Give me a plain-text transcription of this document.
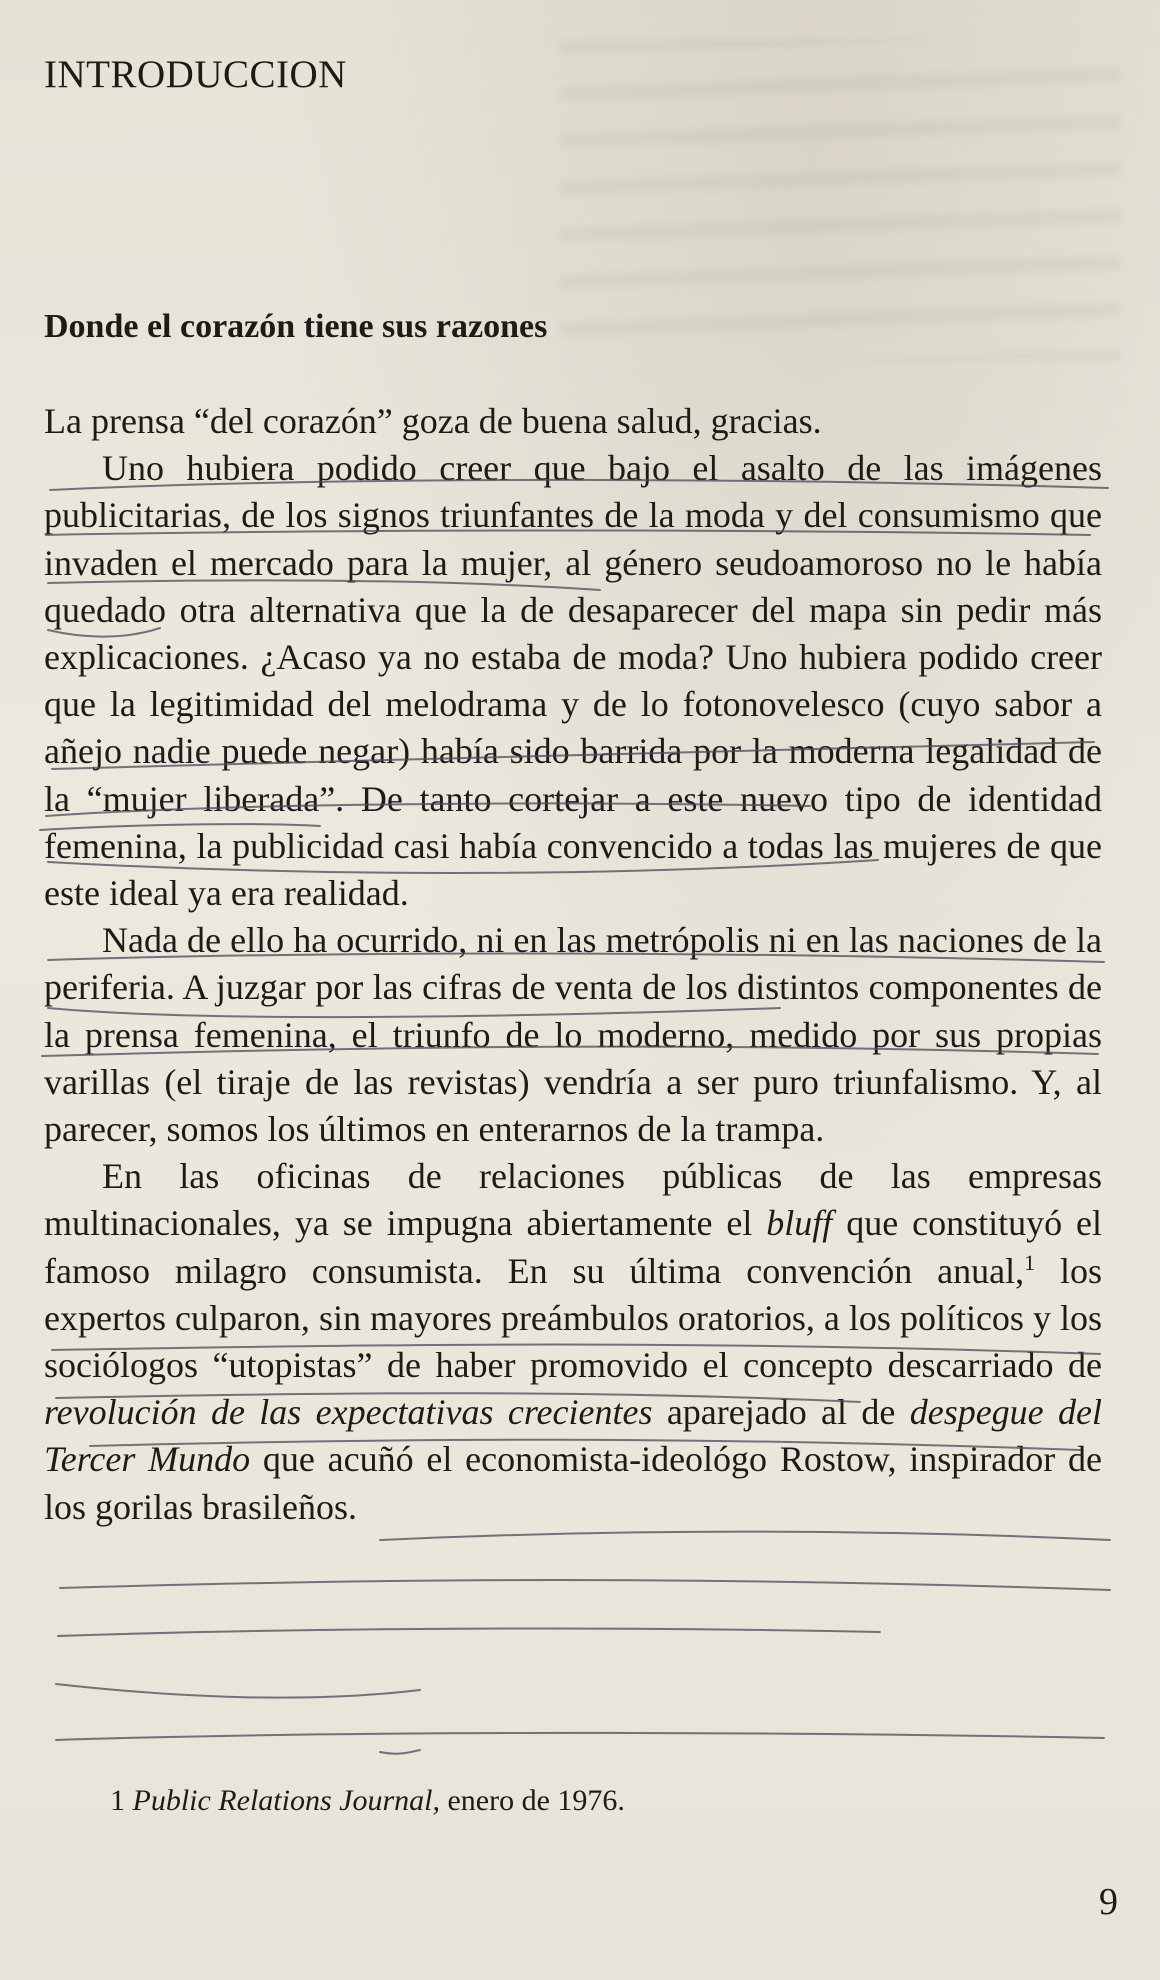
INTRODUCCION
Donde el corazón tiene sus razones

La prensa “del corazón” goza de buena salud, gracias.

Uno hubiera podido creer que bajo el asalto de las imágenes publicitarias, de los signos triunfantes de la moda y del consumismo que invaden el mercado para la mujer, al género seudoamoroso no le había quedado otra alternativa que la de desaparecer del mapa sin pedir más explicaciones. ¿Acaso ya no estaba de moda? Uno hubiera podido creer que la legitimidad del melodrama y de lo fotonovelesco (cuyo sabor a añejo nadie puede negar) había sido barrida por la moderna legalidad de la “mujer liberada”. De tanto cortejar a este nuevo tipo de identidad femenina, la publicidad casi había convencido a todas las mujeres de que este ideal ya era realidad.

Nada de ello ha ocurrido, ni en las metrópolis ni en las naciones de la periferia. A juzgar por las cifras de venta de los distintos componentes de la prensa femenina, el triunfo de lo moderno, medido por sus propias varillas (el tiraje de las revistas) vendría a ser puro triunfalismo. Y, al parecer, somos los últimos en enterarnos de la trampa.

En las oficinas de relaciones públicas de las empresas multinacionales, ya se impugna abiertamente el bluff que constituyó el famoso milagro consumista. En su última convención anual,$^1$ los expertos culparon, sin mayores preámbulos oratorios, a los políticos y los sociólogos “utopistas” de haber promovido el concepto descarriado de revolución de las expectativas crecientes aparejado al de despegue del Tercer Mundo que acuñó el economista-ideológo Rostow, inspirador de los gorilas brasileños.

1 Public Relations Journal, enero de 1976.
9
